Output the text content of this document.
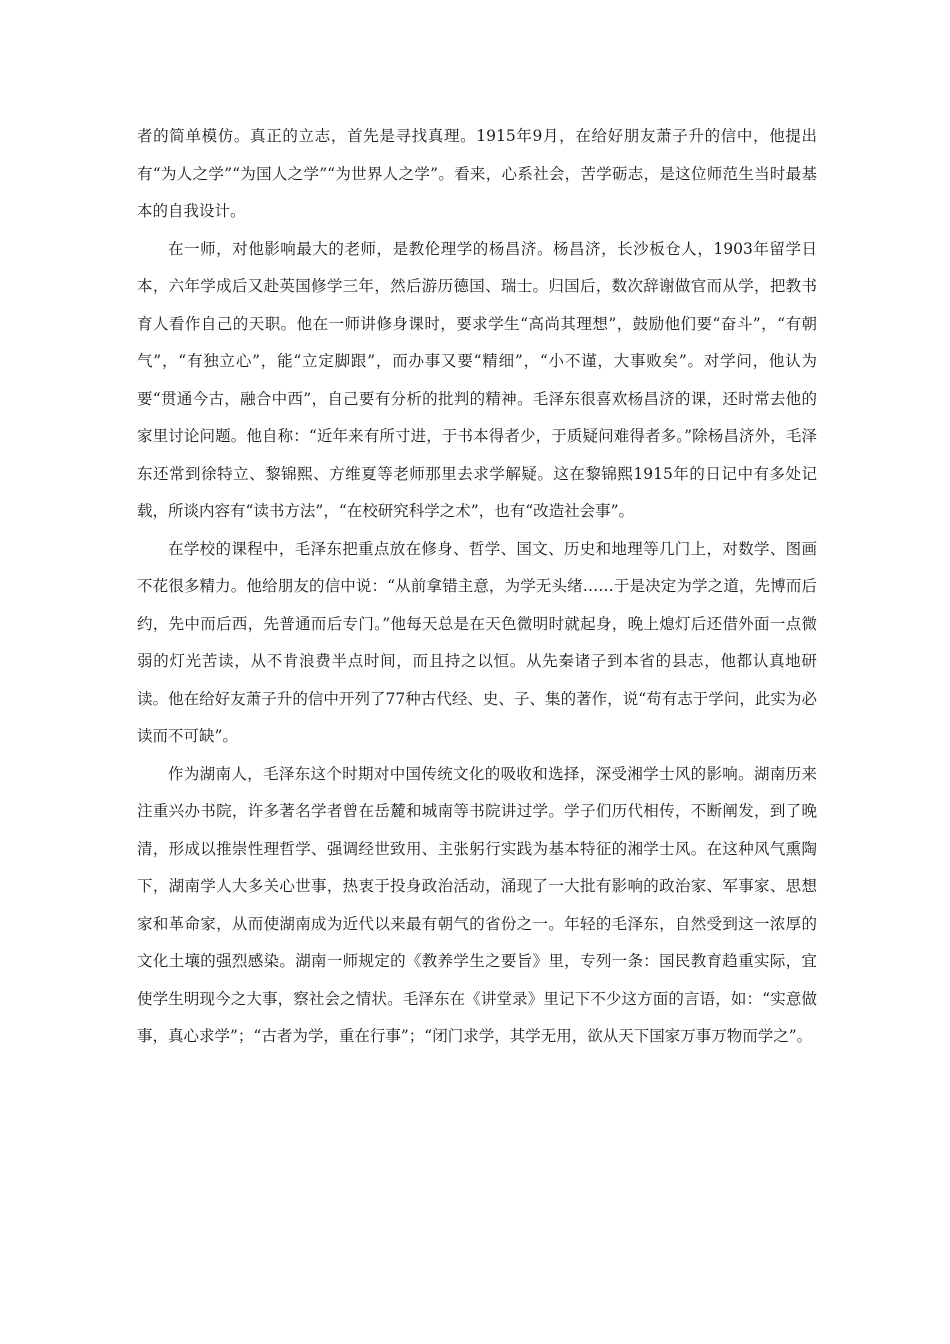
者的简单模仿。真正的立志，首先是寻找真理。1915年9月，在给好朋友萧子升的信中，他提出有“为人之学”“为国人之学”“为世界人之学”。看来，心系社会，苦学砺志，是这位师范生当时最基本的自我设计。

在一师，对他影响最大的老师，是教伦理学的杨昌济。杨昌济，长沙板仓人，1903年留学日本，六年学成后又赴英国修学三年，然后游历德国、瑞士。归国后，数次辞谢做官而从学，把教书育人看作自己的天职。他在一师讲修身课时，要求学生“高尚其理想”，鼓励他们要“奋斗”，“有朝气”，“有独立心”，能“立定脚跟”，而办事又要“精细”，“小不谨，大事败矣”。对学问，他认为要“贯通今古，融合中西”，自己要有分析的批判的精神。毛泽东很喜欢杨昌济的课，还时常去他的家里讨论问题。他自称：“近年来有所寸进，于书本得者少，于质疑问难得者多。”除杨昌济外，毛泽东还常到徐特立、黎锦熙、方维夏等老师那里去求学解疑。这在黎锦熙1915年的日记中有多处记载，所谈内容有“读书方法”，“在校研究科学之术”，也有“改造社会事”。

在学校的课程中，毛泽东把重点放在修身、哲学、国文、历史和地理等几门上，对数学、图画不花很多精力。他给朋友的信中说：“从前拿错主意，为学无头绪……于是决定为学之道，先博而后约，先中而后西，先普通而后专门。”他每天总是在天色微明时就起身，晚上熄灯后还借外面一点微弱的灯光苦读，从不肯浪费半点时间，而且持之以恒。从先秦诸子到本省的县志，他都认真地研读。他在给好友萧子升的信中开列了77种古代经、史、子、集的著作，说“苟有志于学问，此实为必读而不可缺”。

作为湖南人，毛泽东这个时期对中国传统文化的吸收和选择，深受湘学士风的影响。湖南历来注重兴办书院，许多著名学者曾在岳麓和城南等书院讲过学。学子们历代相传，不断阐发，到了晚清，形成以推崇性理哲学、强调经世致用、主张躬行实践为基本特征的湘学士风。在这种风气熏陶下，湖南学人大多关心世事，热衷于投身政治活动，涌现了一大批有影响的政治家、军事家、思想家和革命家，从而使湖南成为近代以来最有朝气的省份之一。年轻的毛泽东，自然受到这一浓厚的文化土壤的强烈感染。湖南一师规定的《教养学生之要旨》里，专列一条：国民教育趋重实际，宜使学生明现今之大事，察社会之情状。毛泽东在《讲堂录》里记下不少这方面的言语，如：“实意做事，真心求学”；“古者为学，重在行事”；“闭门求学，其学无用，欲从天下国家万事万物而学之”。
